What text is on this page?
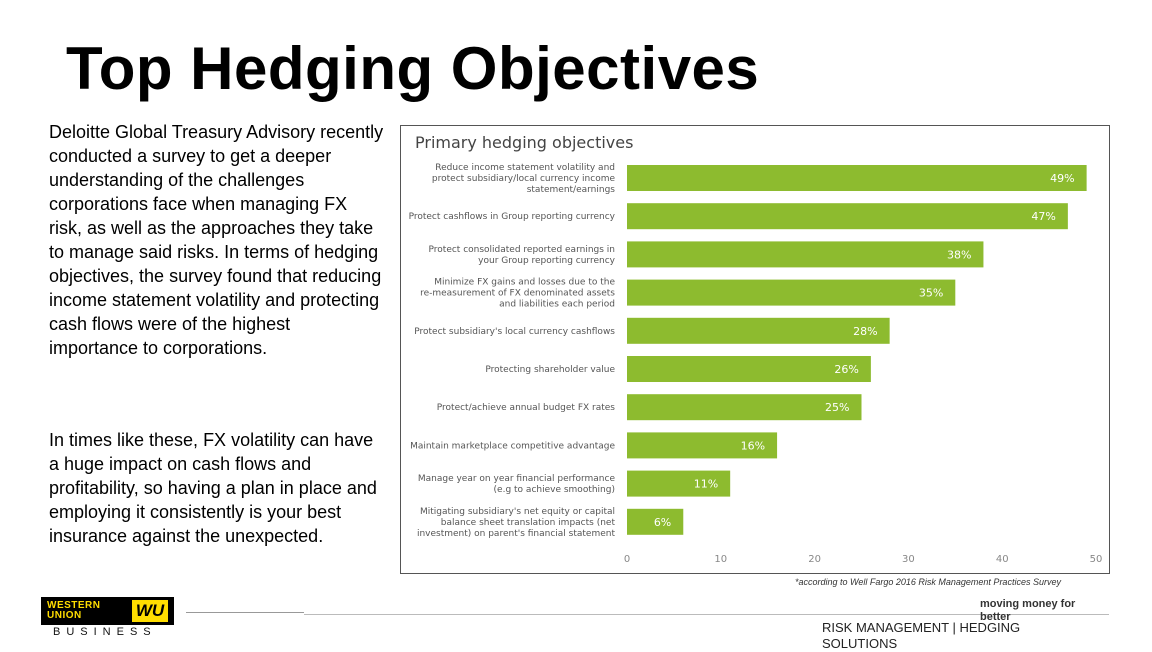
Top Hedging Objectives
Deloitte Global Treasury Advisory recently conducted a survey to get a deeper understanding of the challenges corporations face when managing FX risk, as well as the approaches they take to manage said risks. In terms of hedging objectives, the survey found that reducing income statement volatility and protecting cash flows were of the highest importance to corporations.
In times like these, FX volatility can have a huge impact on cash flows and profitability, so having a plan in place and employing it consistently is your best insurance against the unexpected.
Primary hedging objectives
49%
Reduce income statement volatility and
protect subsidiary/local currency income
statement/earnings
47%
Protect cashflows in Group reporting currency
38%
Protect consolidated reported earnings in
your Group reporting currency
35%
Minimize FX gains and losses due to the
re-measurement of FX denominated assets
and liabilities each period
28%
Protect subsidiary's local currency cashflows
26%
Protecting shareholder value
25%
Protect/achieve annual budget FX rates
16%
Maintain marketplace competitive advantage
11%
Manage year on year financial performance
(e.g to achieve smoothing)
6%
Mitigating subsidiary's net equity or capital
balance sheet translation impacts (net
investment) on parent's financial statement
0	10	20	30	40	50
*according to Well Fargo 2016 Risk Management Practices Survey
WESTERN
UNION	WU
BUSINESS
moving money for better
RISK MANAGEMENT | HEDGING SOLUTIONS
